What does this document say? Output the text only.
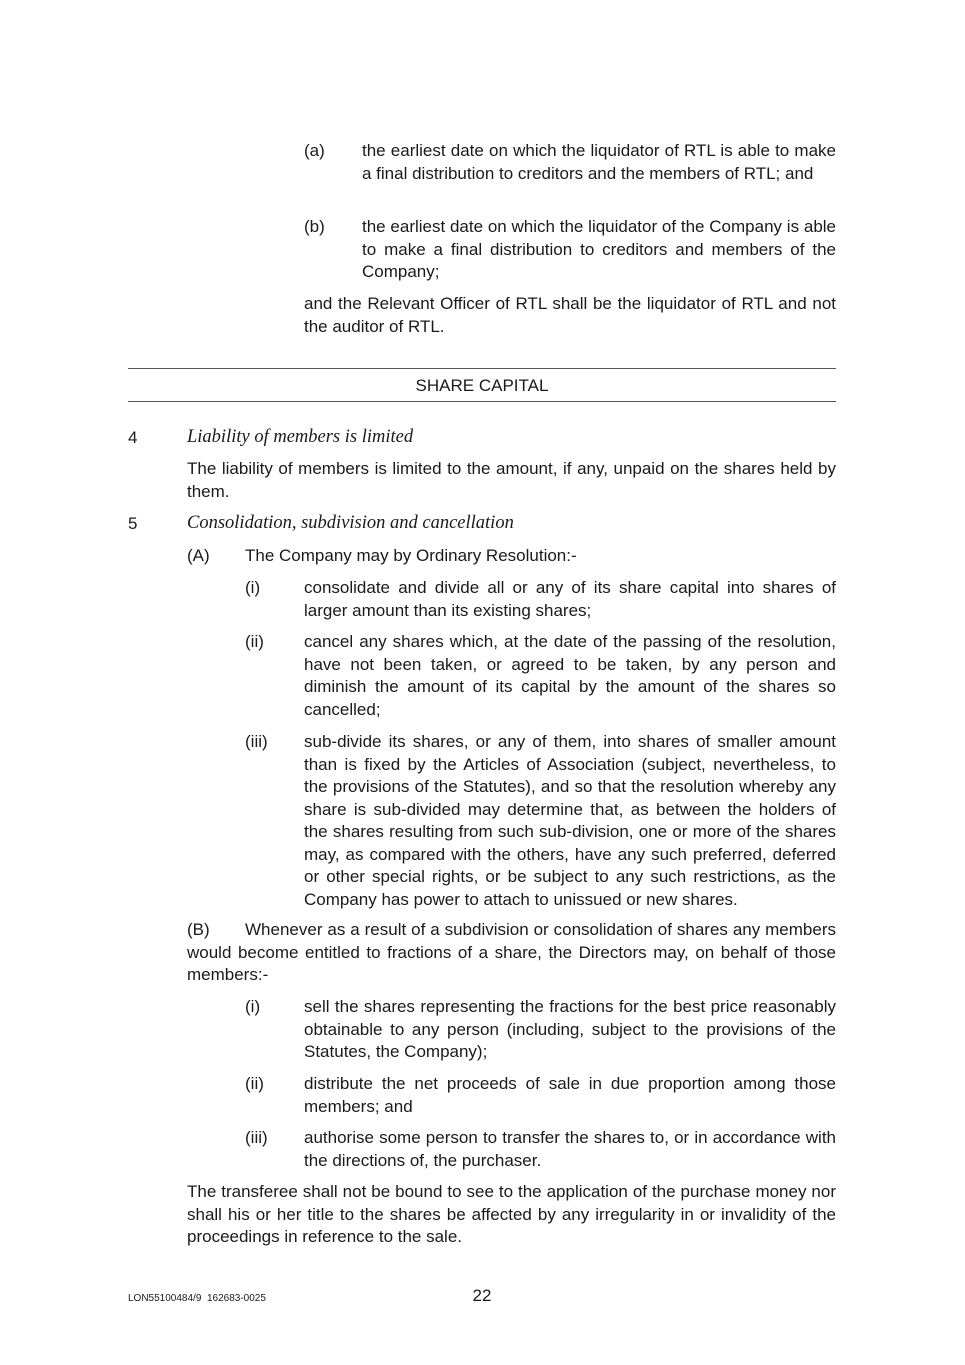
(a) the earliest date on which the liquidator of RTL is able to make a final distribution to creditors and the members of RTL; and
(b) the earliest date on which the liquidator of the Company is able to make a final distribution to creditors and members of the Company;
and the Relevant Officer of RTL shall be the liquidator of RTL and not the auditor of RTL.
SHARE CAPITAL
4	Liability of members is limited
The liability of members is limited to the amount, if any, unpaid on the shares held by them.
5	Consolidation, subdivision and cancellation
(A) The Company may by Ordinary Resolution:-
(i)	consolidate and divide all or any of its share capital into shares of larger amount than its existing shares;
(ii) cancel any shares which, at the date of the passing of the resolution, have not been taken, or agreed to be taken, by any person and diminish the amount of its capital by the amount of the shares so cancelled;
(iii) sub-divide its shares, or any of them, into shares of smaller amount than is fixed by the Articles of Association (subject, nevertheless, to the provisions of the Statutes), and so that the resolution whereby any share is sub-divided may determine that, as between the holders of the shares resulting from such sub-division, one or more of the shares may, as compared with the others, have any such preferred, deferred or other special rights, or be subject to any such restrictions, as the Company has power to attach to unissued or new shares.
(B) Whenever as a result of a subdivision or consolidation of shares any members would become entitled to fractions of a share, the Directors may, on behalf of those members:-
(i)	sell the shares representing the fractions for the best price reasonably obtainable to any person (including, subject to the provisions of the Statutes, the Company);
(ii) distribute the net proceeds of sale in due proportion among those members; and
(iii) authorise some person to transfer the shares to, or in accordance with the directions of, the purchaser.
The transferee shall not be bound to see to the application of the purchase money nor shall his or her title to the shares be affected by any irregularity in or invalidity of the proceedings in reference to the sale.
LON55100484/9 162683-0025	22
